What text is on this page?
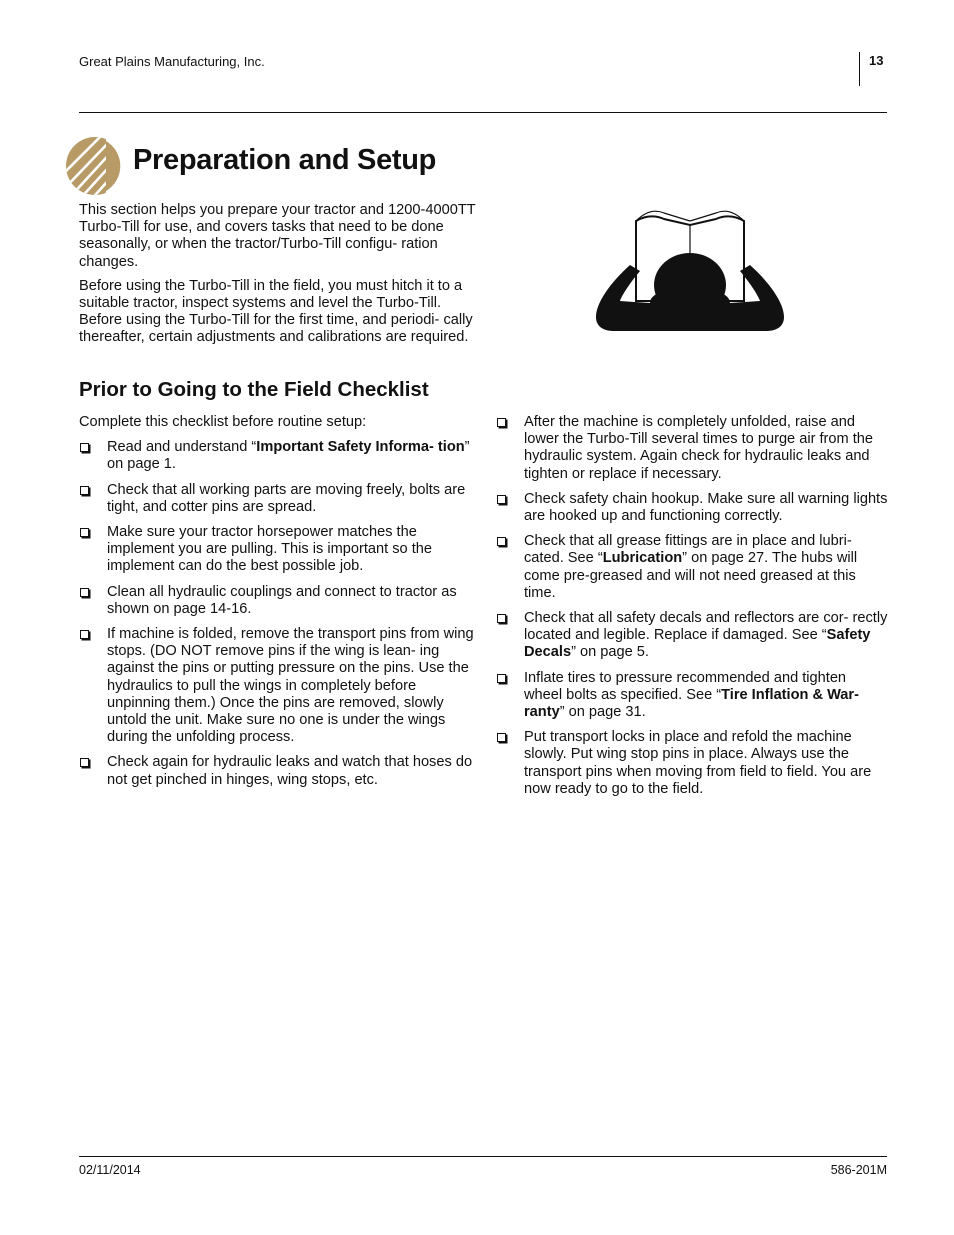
Great Plains Manufacturing, Inc.	13
Preparation and Setup

This section helps you prepare your tractor and 1200-4000TT Turbo-Till for use, and covers tasks that need to be done seasonally, or when the tractor/Turbo-Till configu- ration changes.

Before using the Turbo-Till in the field, you must hitch it to a suitable tractor, inspect systems and level the Turbo-Till. Before using the Turbo-Till for the first time, and periodi- cally thereafter, certain adjustments and calibrations are required.

Prior to Going to the Field Checklist

Complete this checklist before routine setup:

Read and understand “Important Safety Informa- tion” on page 1.
Check that all working parts are moving freely, bolts are tight, and cotter pins are spread.
Make sure your tractor horsepower matches the implement you are pulling. This is important so the implement can do the best possible job.
Clean all hydraulic couplings and connect to tractor as shown on page 14-16.
If machine is folded, remove the transport pins from wing stops. (DO NOT remove pins if the wing is lean- ing against the pins or putting pressure on the pins. Use the hydraulics to pull the wings in completely before unpinning them.) Once the pins are removed, slowly untold the unit. Make sure no one is under the wings during the unfolding process.
Check again for hydraulic leaks and watch that hoses do not get pinched in hinges, wing stops, etc.
After the machine is completely unfolded, raise and lower the Turbo-Till several times to purge air from the hydraulic system. Again check for hydraulic leaks and tighten or replace if necessary.
Check safety chain hookup. Make sure all warning lights are hooked up and functioning correctly.
Check that all grease fittings are in place and lubri- cated. See “Lubrication” on page 27. The hubs will come pre-greased and will not need greased at this time.
Check that all safety decals and reflectors are cor- rectly located and legible. Replace if damaged. See “Safety Decals” on page 5.
Inflate tires to pressure recommended and tighten wheel bolts as specified. See “Tire Inflation & War- ranty” on page 31.
Put transport locks in place and refold the machine slowly. Put wing stop pins in place. Always use the transport pins when moving from field to field. You are now ready to go to the field.
02/11/2014	586-201M
